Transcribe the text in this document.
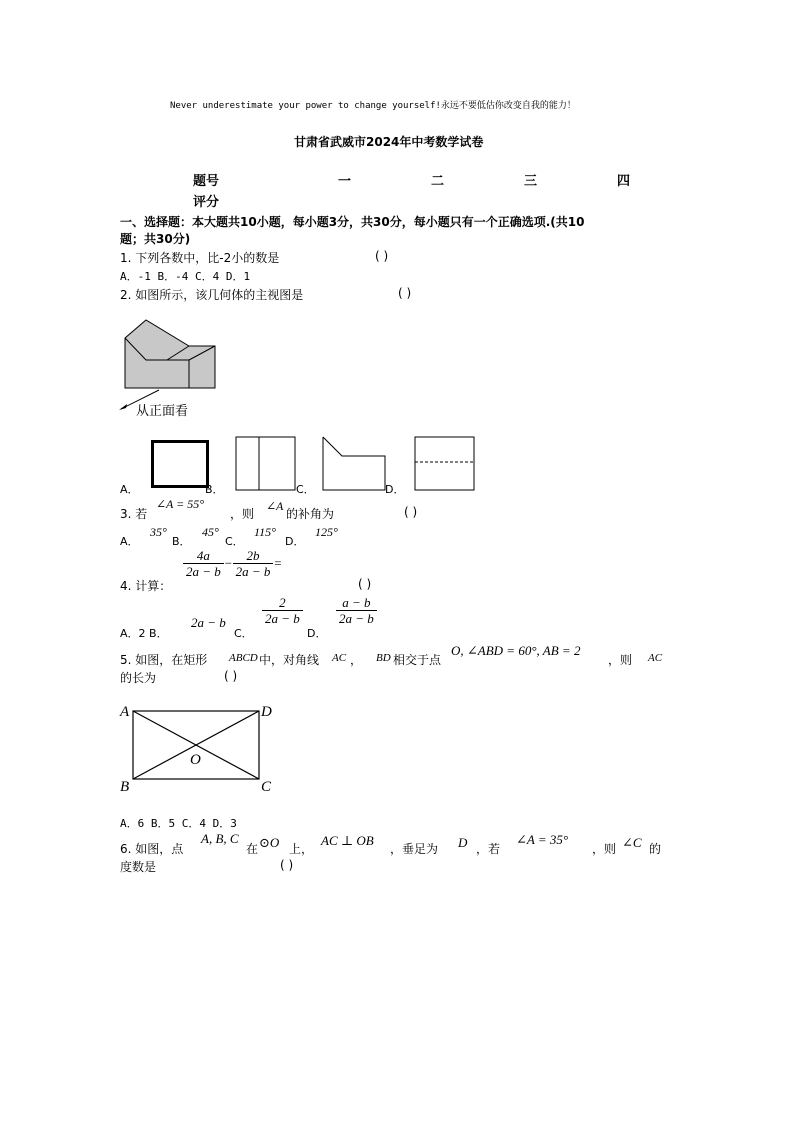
Never underestimate your power to change yourself!永远不要低估你改变自我的能力！
甘肃省武威市2024年中考数学试卷
题号	一	二	三	四
评分
一、选择题：本大题共10小题，每小题3分，共30分，每小题只有一个正确选项.(共10
题；共30分)
1. 下列各数中，比-2小的数是	( )
A．-1 B．-4 C．4 D．1
2. 如图所示，该几何体的主视图是	( )
从正面看
A．	B．	C．	D．
3. 若
∠A = 55°
，则
∠A
的补角为	( )
A．
35°
B．
45°
C．
115°
D．
125°
4. 计算：
$\frac{4a}{2a - b} - \frac{2b}{2a - b}$ =
( )
A．2 B．
2a − b
C．
$\frac{2}{2a - b}$
D．
$\frac{a - b}{2a - b}$
5. 如图，在矩形 ABCD 中，对角线 AC ， BD 相交于点
O, ∠ABD = 60°, AB = 2
，则 AC
的长为	( )
A	D
B	C
O
A．6 B．5 C．4 D．3
6. 如图，点
A, B, C
在 ⊙O 上，
AC ⊥ OB
，垂足为 D ，若
∠A = 35°
，则 ∠C 的
度数是	( )
